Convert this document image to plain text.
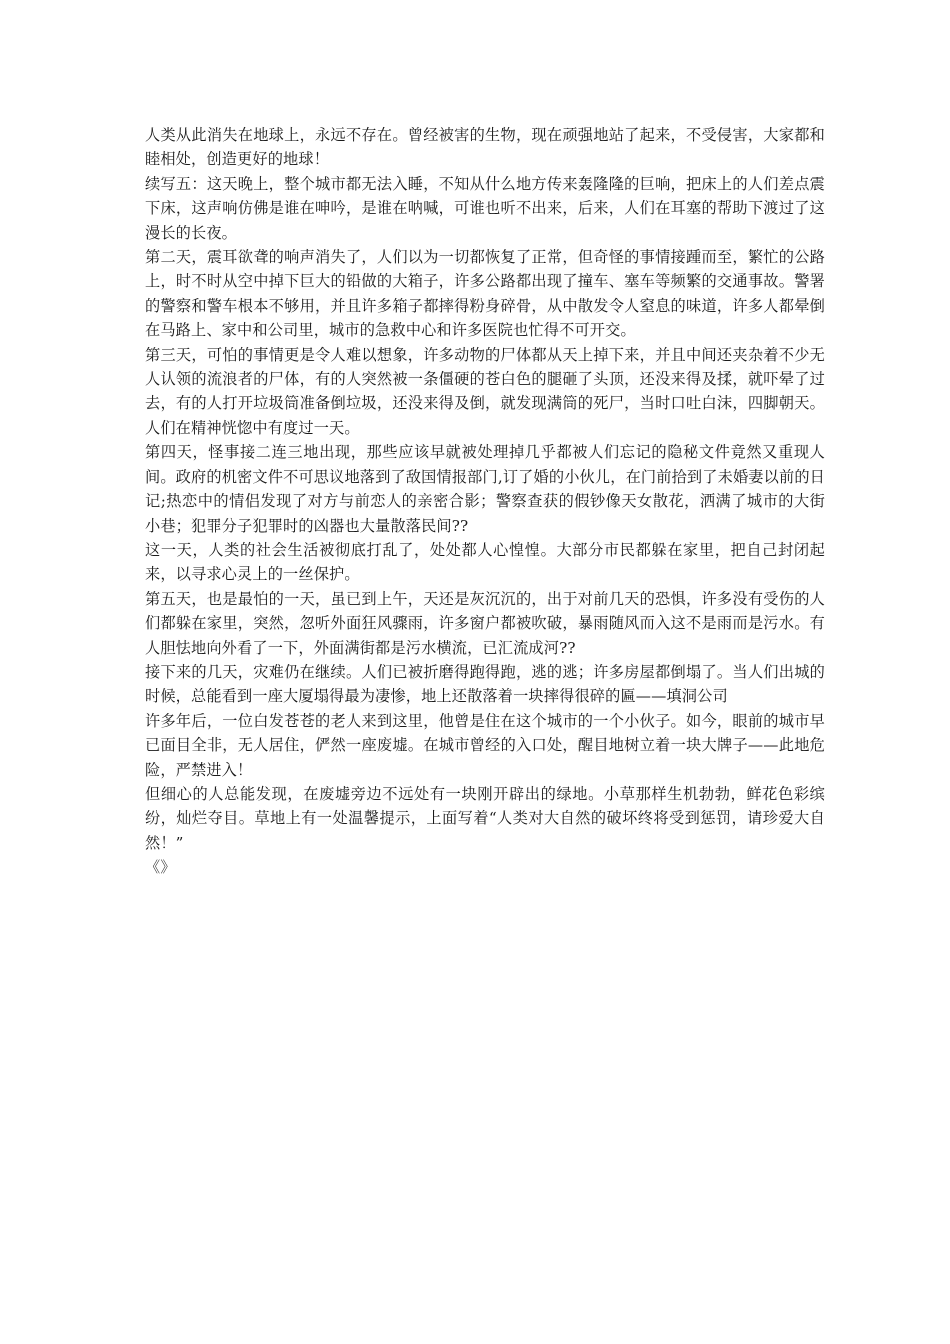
人类从此消失在地球上，永远不存在。曾经被害的生物，现在顽强地站了起来，不受侵害，大家都和睦相处，创造更好的地球！

续写五：这天晚上，整个城市都无法入睡，不知从什么地方传来轰隆隆的巨响，把床上的人们差点震下床，这声响仿佛是谁在呻吟，是谁在呐喊，可谁也听不出来，后来，人们在耳塞的帮助下渡过了这漫长的长夜。

第二天，震耳欲聋的响声消失了，人们以为一切都恢复了正常，但奇怪的事情接踵而至，繁忙的公路上，时不时从空中掉下巨大的铅做的大箱子，许多公路都出现了撞车、塞车等频繁的交通事故。警署的警察和警车根本不够用，并且许多箱子都摔得粉身碎骨，从中散发令人窒息的味道，许多人都晕倒在马路上、家中和公司里，城市的急救中心和许多医院也忙得不可开交。

第三天，可怕的事情更是令人难以想象，许多动物的尸体都从天上掉下来，并且中间还夹杂着不少无人认领的流浪者的尸体，有的人突然被一条僵硬的苍白色的腿砸了头顶，还没来得及揉，就吓晕了过去，有的人打开垃圾筒准备倒垃圾，还没来得及倒，就发现满筒的死尸，当时口吐白沫，四脚朝天。人们在精神恍惚中有度过一天。

第四天，怪事接二连三地出现，那些应该早就被处理掉几乎都被人们忘记的隐秘文件竟然又重现人间。政府的机密文件不可思议地落到了敌国情报部门,订了婚的小伙儿，在门前拾到了未婚妻以前的日记;热恋中的情侣发现了对方与前恋人的亲密合影；警察查获的假钞像天女散花，洒满了城市的大街小巷；犯罪分子犯罪时的凶器也大量散落民间??

这一天，人类的社会生活被彻底打乱了，处处都人心惶惶。大部分市民都躲在家里，把自己封闭起来，以寻求心灵上的一丝保护。

第五天，也是最怕的一天，虽已到上午，天还是灰沉沉的，出于对前几天的恐惧，许多没有受伤的人们都躲在家里，突然，忽听外面狂风骤雨，许多窗户都被吹破，暴雨随风而入这不是雨而是污水。有人胆怯地向外看了一下，外面满街都是污水横流，已汇流成河??

接下来的几天，灾难仍在继续。人们已被折磨得跑得跑，逃的逃；许多房屋都倒塌了。当人们出城的时候，总能看到一座大厦塌得最为凄惨，地上还散落着一块摔得很碎的匾——填洞公司

许多年后，一位白发苍苍的老人来到这里，他曾是住在这个城市的一个小伙子。如今，眼前的城市早已面目全非，无人居住，俨然一座废墟。在城市曾经的入口处，醒目地树立着一块大牌子——此地危险，严禁进入！

但细心的人总能发现，在废墟旁边不远处有一块刚开辟出的绿地。小草那样生机勃勃，鲜花色彩缤纷，灿烂夺目。草地上有一处温馨提示，上面写着“人类对大自然的破坏终将受到惩罚，请珍爱大自然！”

《》
